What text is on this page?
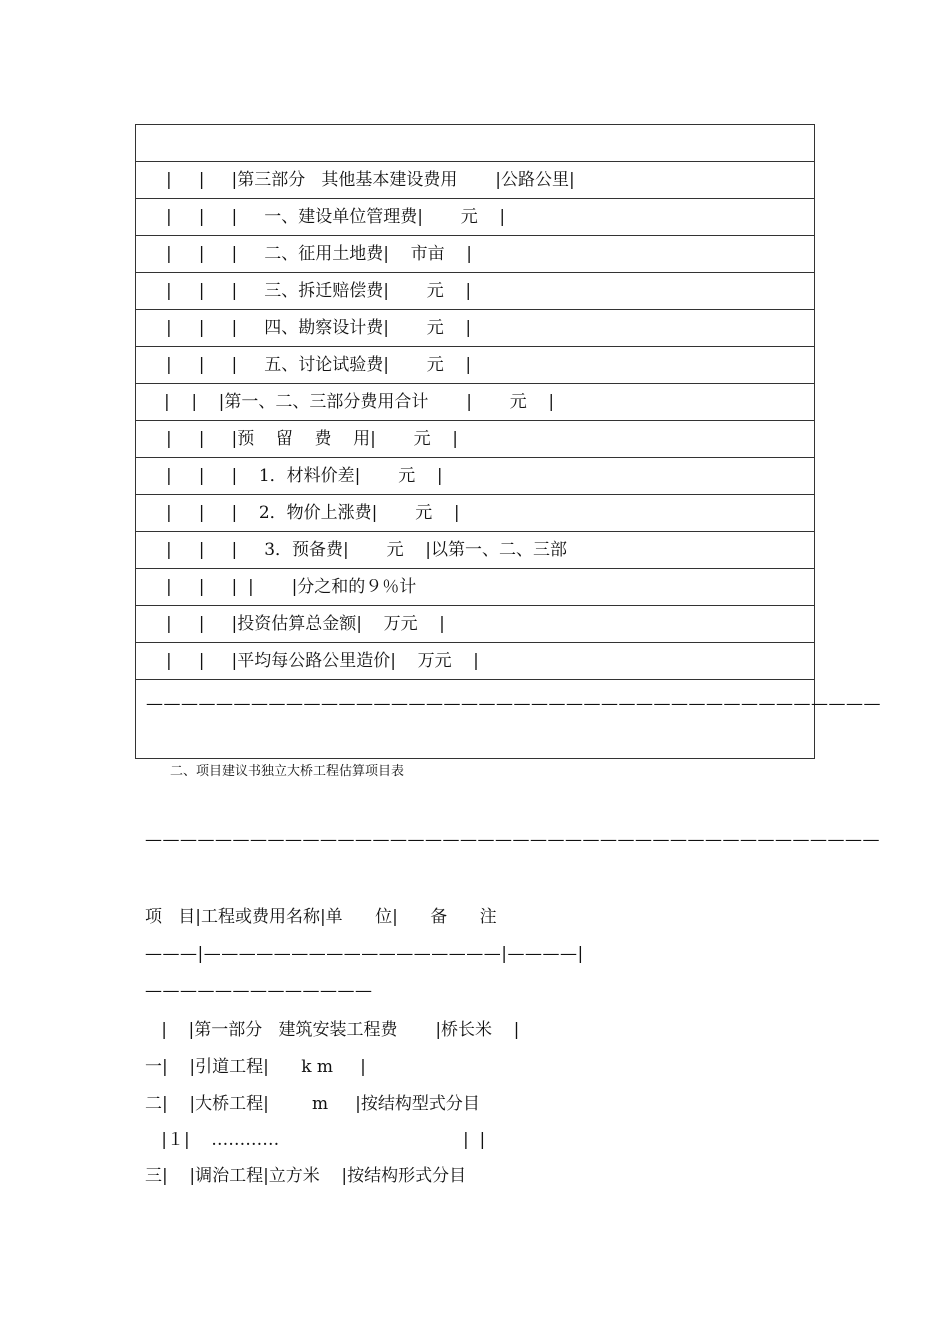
|     |     |第三部分   其他基本建设费用       |公路公里|
|     |     |     一、建设单位管理费|       元    |
|     |     |     二、征用土地费|    市亩    |
|     |     |     三、拆迁赔偿费|       元    |
|     |     |     四、勘察设计费|       元    |
|     |     |     五、讨论试验费|       元    |
|    |    |第一、二、三部分费用合计       |       元    |
|     |     |预    留    费    用|       元    |
|     |     |    1．材料价差|       元    |
|     |     |    2．物价上涨费|       元    |
|     |     |     3．预备费|       元    |以第一、二、三部
|     |     |  |       |分之和的９％计
|     |     |投资估算总金额|    万元    |
|     |     |平均每公路公里造价|    万元    |
——————————————————————————————————————————
二、项目建议书独立大桥工程估算项目表
——————————————————————————————————————————
项   目|工程或费用名称|单      位|      备      注
———|—————————————————|————|—————————————
|    |第一部分   建筑安装工程费       |桥长米    |
一|    |引道工程|      k m     |
二|    |大桥工程|        m     |按结构型式分目
|１|    …………                                  |  |
三|    |调治工程|立方米    |按结构形式分目
